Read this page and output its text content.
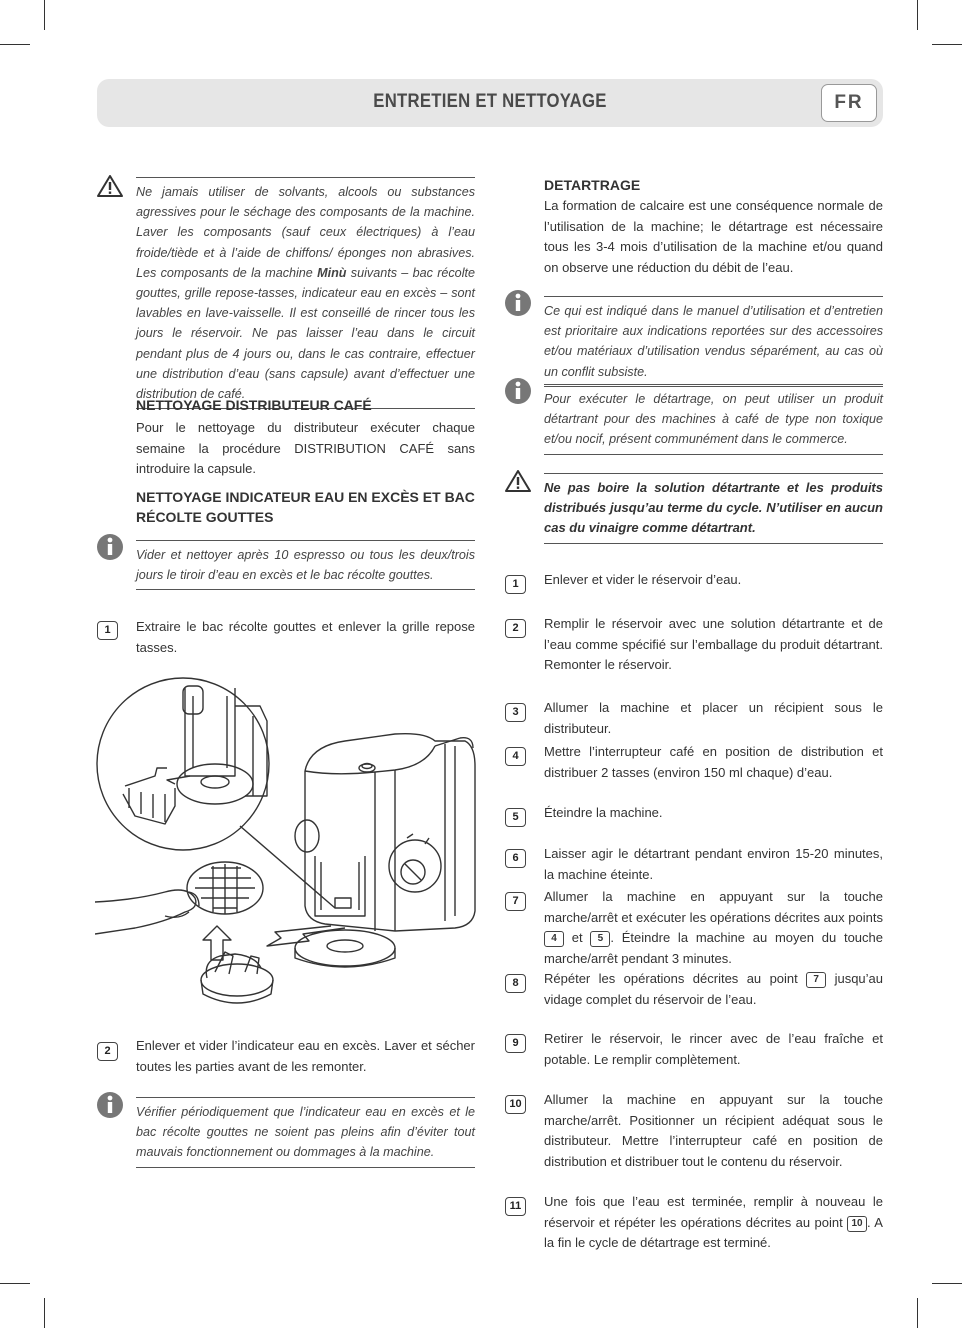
ENTRETIEN ET NETTOYAGE	FR
Ne jamais utiliser de solvants, alcools ou substances agressives pour le séchage des composants de la machine. Laver les composants (sauf ceux électriques) à l’eau froide/tiède et à l’aide de chiffons/ éponges non abrasives. Les composants de la machine Minù suivants – bac récolte gouttes, grille repose-tasses, indicateur eau en excès – sont lavables en lave-vaisselle. Il est conseillé de rincer tous les jours le réservoir. Ne pas laisser l’eau dans le circuit pendant plus de 4 jours ou, dans le cas contraire, effectuer une distribution d’eau (sans capsule) avant d’effectuer une distribution de café.
NETTOYAGE DISTRIBUTEUR CAFÉ
Pour le nettoyage du distributeur exécuter chaque semaine la procédure DISTRIBUTION CAFÉ sans introduire la capsule.
NETTOYAGE INDICATEUR EAU EN EXCÈS ET BAC
RÉCOLTE GOUTTES
Vider et nettoyer après 10 espresso ou tous les deux/trois jours le tiroir d’eau en excès et le bac récolte gouttes.
1	Extraire le bac récolte gouttes et enlever la grille repose tasses.
2	Enlever et vider l’indicateur eau en excès. Laver et sécher toutes les parties avant de les remonter.
Vérifier périodiquement que l’indicateur eau en excès et le bac récolte gouttes ne soient pas pleins afin d’éviter tout mauvais fonctionnement ou dommages à la machine.
DETARTRAGE
La formation de calcaire est une conséquence normale de l’utilisation de la machine; le détartrage est nécessaire tous les 3-4 mois d’utilisation de la machine et/ou quand on observe une réduction du débit de l’eau.
Ce qui est indiqué dans le manuel d’utilisation et d’entretien est prioritaire aux indications reportées sur des accessoires et/ou matériaux d’utilisation vendus séparément, au cas où un conflit subsiste.
Pour exécuter le détartrage, on peut utiliser un produit détartrant pour des machines à café de type non toxique et/ou nocif, présent communément dans le commerce.
Ne pas boire la solution détartrante et les produits distribués jusqu’au terme du cycle. N’utiliser en aucun cas du vinaigre comme détartrant.
1	Enlever et vider le réservoir d’eau.
2	Remplir le réservoir avec une solution détartrante et de l’eau comme spécifié sur l’emballage du produit détartrant. Remonter le réservoir.
3	Allumer la machine et placer un récipient sous le distributeur.
4	Mettre l’interrupteur café en position de distribution et distribuer 2 tasses (environ 150 ml chaque) d’eau.
5	Éteindre la machine.
6	Laisser agir le détartrant pendant environ 15-20 minutes, la machine éteinte.
7	Allumer la machine en appuyant sur la touche marche/arrêt et exécuter les opérations décrites aux points 4 et 5 . Éteindre la machine au moyen du touche marche/arrêt pendant 3 minutes.
8	Répéter les opérations décrites au point 7 jusqu’au vidage complet du réservoir de l’eau.
9	Retirer le réservoir, le rincer avec de l’eau fraîche et potable. Le remplir complètement.
10	Allumer la machine en appuyant sur la touche marche/arrêt. Positionner un récipient adéquat sous le distributeur. Mettre l’interrupteur café en position de distribution et distribuer tout le contenu du réservoir.
11	Une fois que l’eau est terminée, remplir à nouveau le réservoir et répéter les opérations décrites au point 10 . A la fin le cycle de détartrage est terminé.
